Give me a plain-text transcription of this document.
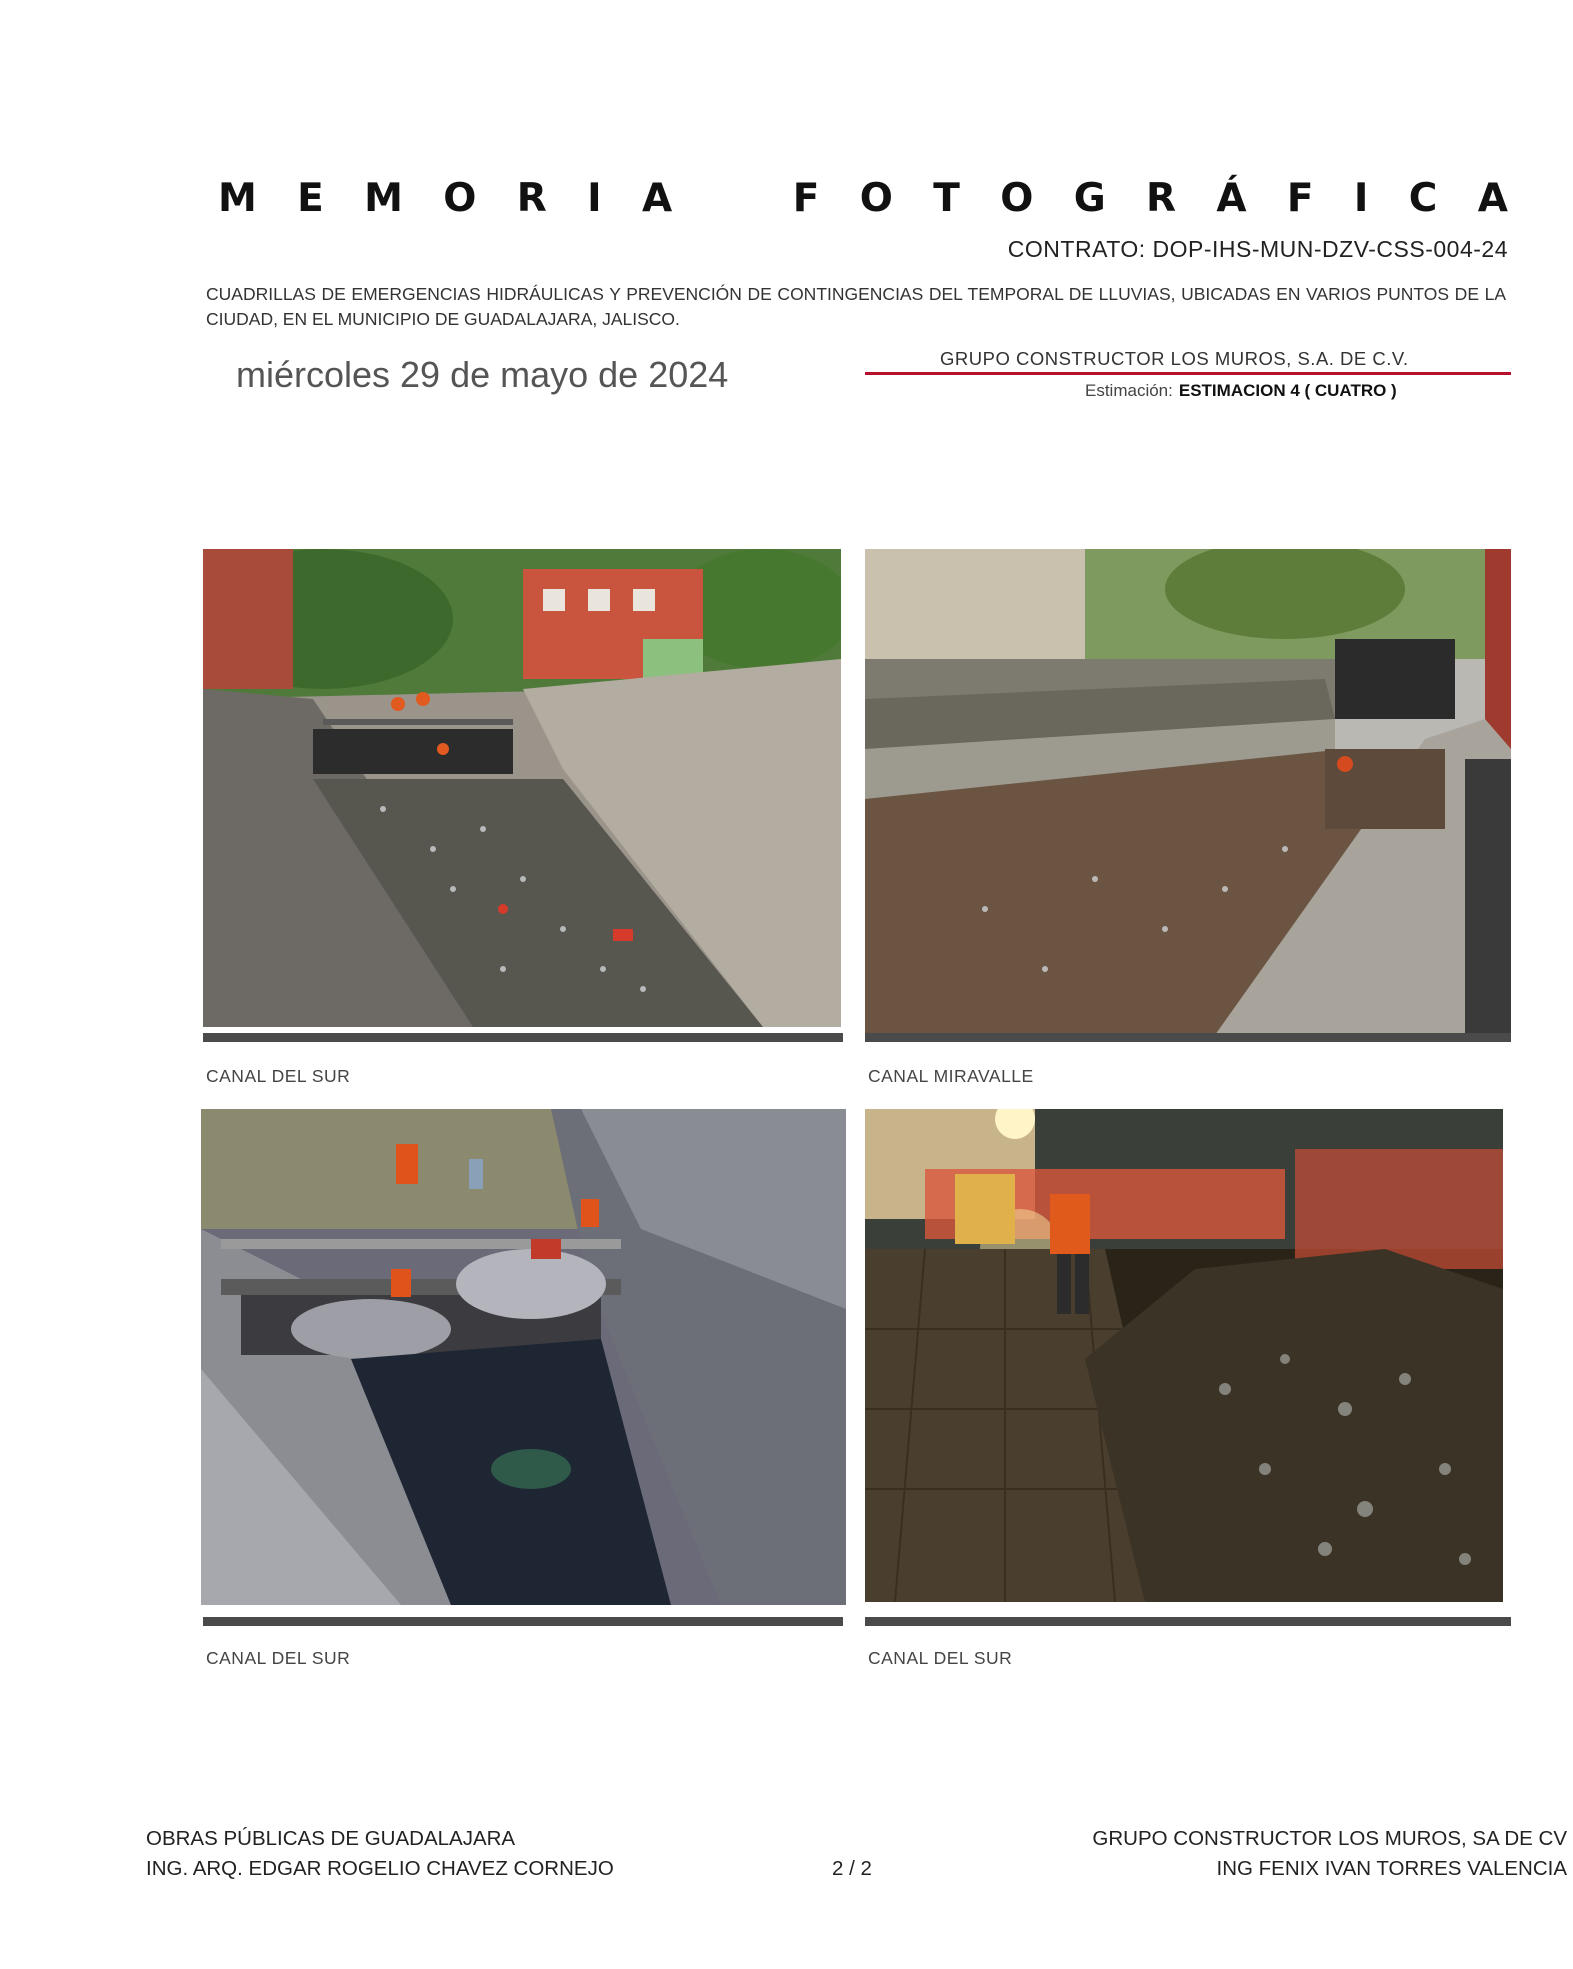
M E M O R I A	F O T O G R Á F I C A
CONTRATO: DOP-IHS-MUN-DZV-CSS-004-24
CUADRILLAS DE EMERGENCIAS HIDRÁULICAS Y PREVENCIÓN DE CONTINGENCIAS DEL TEMPORAL DE LLUVIAS, UBICADAS EN VARIOS PUNTOS DE LA CIUDAD, EN EL MUNICIPIO DE GUADALAJARA, JALISCO.
miércoles 29 de mayo de 2024	GRUPO CONSTRUCTOR LOS MUROS, S.A. DE C.V.
Estimación: ESTIMACION 4 ( CUATRO )
CANAL DEL SUR	CANAL MIRAVALLE
CANAL DEL SUR	CANAL DEL SUR
OBRAS PÚBLICAS DE GUADALAJARA
ING. ARQ. EDGAR ROGELIO CHAVEZ CORNEJO	2 / 2
GRUPO CONSTRUCTOR LOS MUROS, SA DE CV
ING FENIX IVAN TORRES VALENCIA
